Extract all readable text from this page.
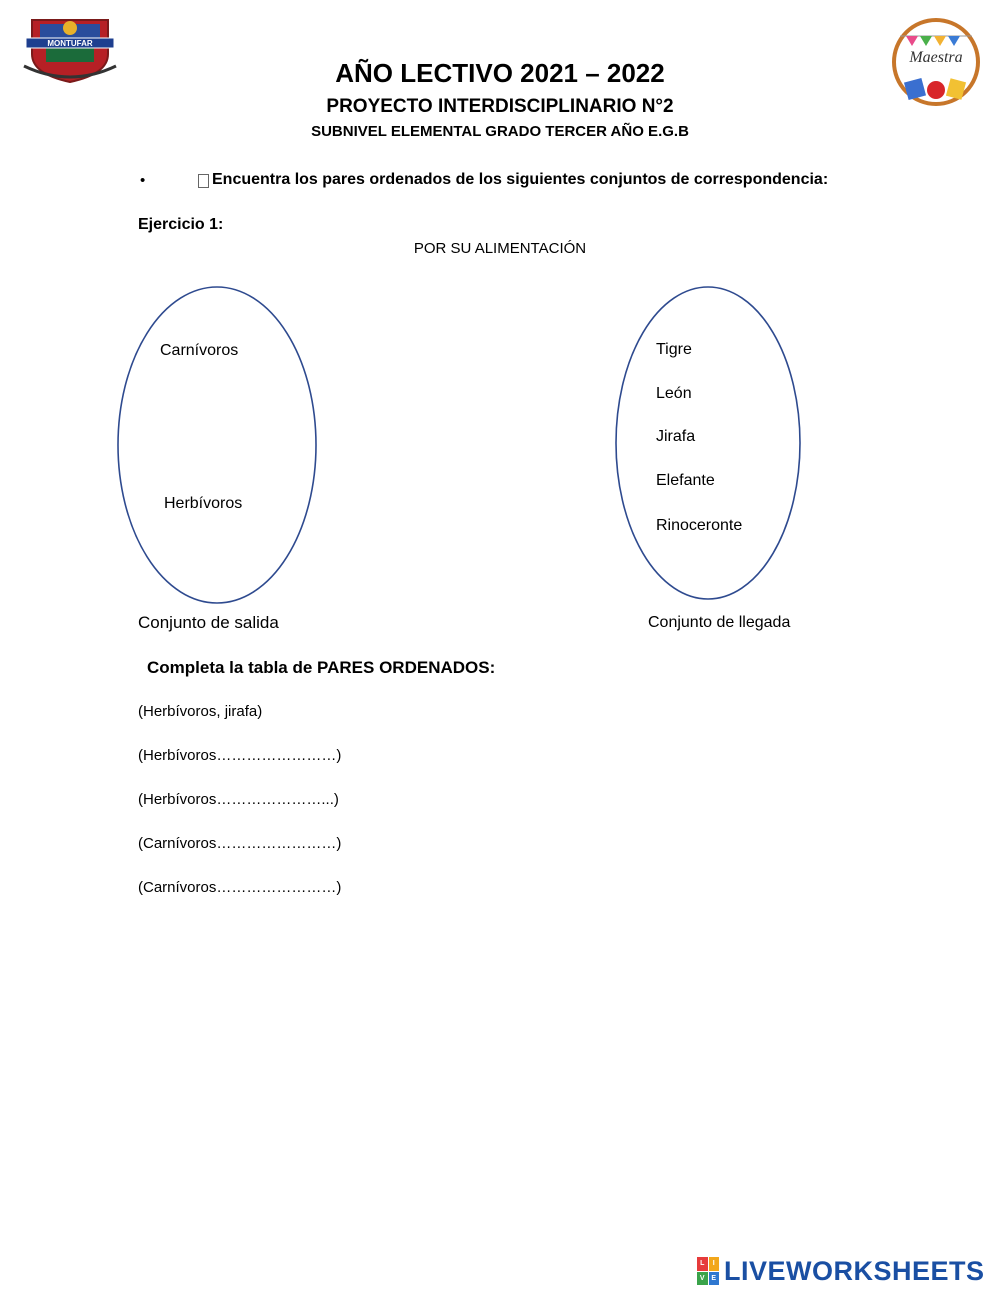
MONTUFAR
Maestra
AÑO LECTIVO 2021 – 2022
PROYECTO INTERDISCIPLINARIO N°2
SUBNIVEL ELEMENTAL GRADO TERCER AÑO E.G.B
•	Encuentra los pares ordenados de los siguientes conjuntos de correspondencia:
Ejercicio 1:
POR SU ALIMENTACIÓN
Carnívoros
Herbívoros
Tigre
León
Jirafa
Elefante
Rinoceronte
Conjunto de salida	Conjunto de llegada
Completa la tabla de PARES ORDENADOS:
(Herbívoros, jirafa)
(Herbívoros……………………)
(Herbívoros…………………...)
(Carnívoros……………………)
(Carnívoros……………………)
L	I
V E LIVEWORKSHEETS
